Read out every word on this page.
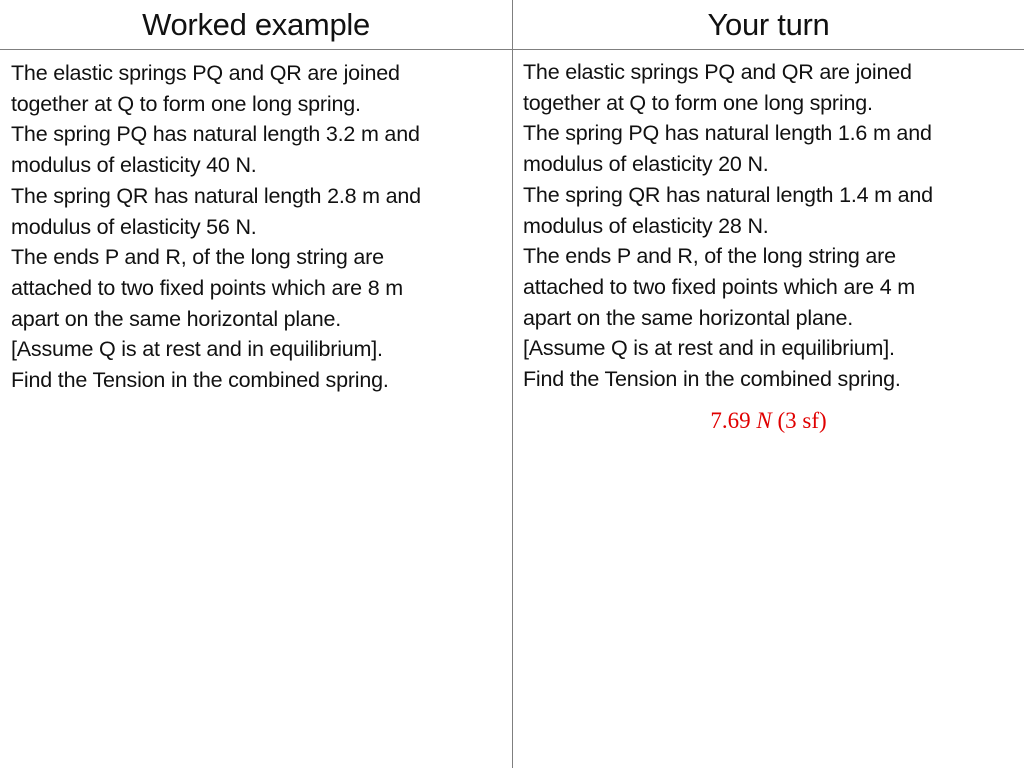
Worked example	Your turn

The elastic springs PQ and QR are joined

together at Q to form one long spring.

The spring PQ has natural length 3.2 m and

modulus of elasticity 40 N.

The spring QR has natural length 2.8 m and

modulus of elasticity 56 N.

The ends P and R, of the long string are

attached to two fixed points which are 8 m

apart on the same horizontal plane.

[Assume Q is at rest and in equilibrium].

Find the Tension in the combined spring.

The elastic springs PQ and QR are joined

together at Q to form one long spring.

The spring PQ has natural length 1.6 m and

modulus of elasticity 20 N.

The spring QR has natural length 1.4 m and

modulus of elasticity 28 N.

The ends P and R, of the long string are

attached to two fixed points which are 4 m

apart on the same horizontal plane.

[Assume Q is at rest and in equilibrium].

Find the Tension in the combined spring.

7.69 N (3 sf)
